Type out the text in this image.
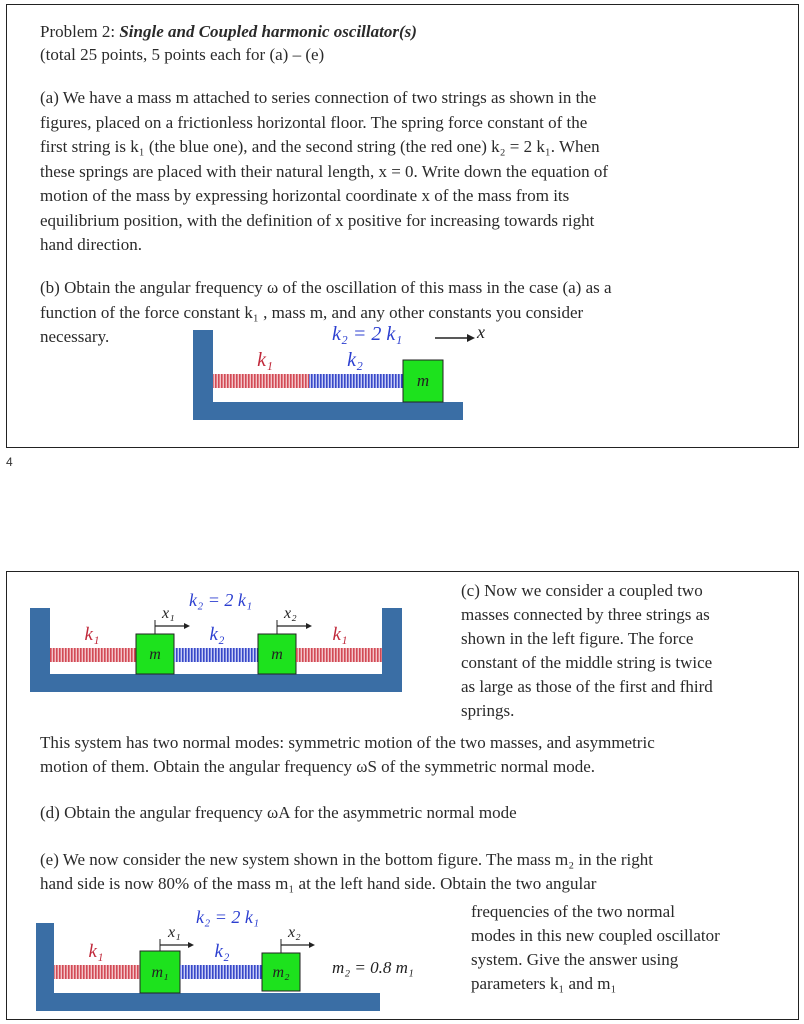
Problem 2: Single and Coupled harmonic oscillator(s)
(total 25 points, 5 points each for (a) – (e)
(a) We have a mass m attached to series connection of two strings as shown in the
figures, placed on a frictionless horizontal floor. The spring force constant of the
first string is k₁ (the blue one), and the second string (the red one) k₂ = 2 k₁. When
these springs are placed with their natural length, x = 0. Write down the equation of
motion of the mass by expressing horizontal coordinate x of the mass from its
equilibrium position, with the definition of x positive for increasing towards right
hand direction.
(b) Obtain the angular frequency ω of the oscillation of this mass in the case (a) as a
function of the force constant k₁ , mass m, and any other constants you consider
necessary.
m
k₁	k₂
k₂ = 2 k₁	x
4
m	m
k₁	k₂	k₁
k₂ = 2 k₁
x₁	x₂
(c) Now we consider a coupled two
masses connected by three strings as
shown in the left figure. The force
constant of the middle string is twice
as large as those of the first and fhird
springs.
This system has two normal modes: symmetric motion of the two masses, and asymmetric
motion of them. Obtain the angular frequency ωS of the symmetric normal mode.
(d) Obtain the angular frequency ωA for the asymmetric normal mode
(e) We now consider the new system shown in the bottom figure. The mass m₂ in the right
hand side is now 80% of the mass m₁ at the left hand side. Obtain the two angular
m₁	m₂
k₁	k₂
k₂ = 2 k₁
x₁	x₂
m₂ = 0.8 m₁
frequencies of the two normal
modes in this new coupled oscillator
system. Give the answer using
parameters k₁ and m₁
